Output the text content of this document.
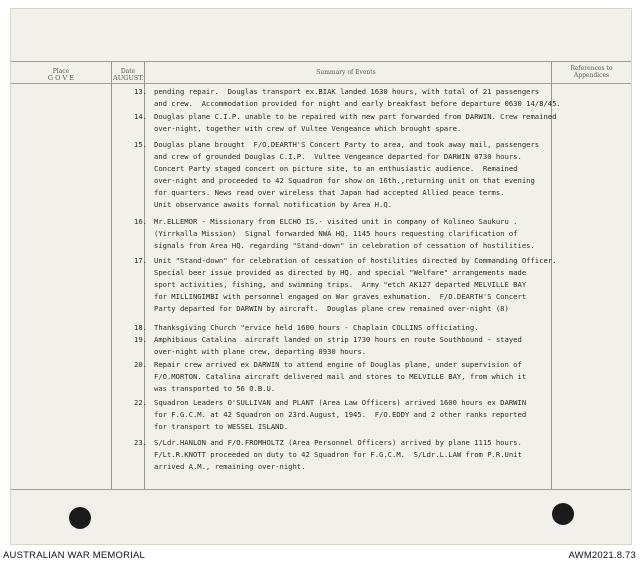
Place
G O V E
Date
AUGUST.
Summary of Events
References to
Appendices
13. pending repair.  Douglas transport ex.BIAK landed 1630 hours, with total of 21 passengers
and crew.  Accommodation provided for night and early breakfast before departure 0630 14/8/45.
14. Douglas plane C.I.P. unable to be repaired with new part forwarded from DARWIN. Crew remained
over-night, together with crew of Vultee Vengeance which brought spare.
15. Douglas plane brought  F/O.DEARTH'S Concert Party to area, and took away mail, passengers
and crew of grounded Douglas C.I.P.  Vultee Vengeance departed for DARWIN 0730 hours.
Concert Party staged concert on picture site, to an enthusiastic audience.  Remained
over-night and proceeded to 42 Squadron for show on 16th.,returning unit on that evening
for quarters. News read over wireless that Japan had accepted Allied peace terms.
Unit observance awaits formal notification by Area H.Q.
16. Mr.ELLEMOR - Missionary from ELCHO IS.- visited unit in company of Kolineo Saukuru .
(Yirrkalla Mission)  Signal forwarded NWA HQ. 1145 hours requesting clarification of
signals from Area HQ. regarding "Stand-down" in celebration of cessation of hostilities.
17. Unit "Stand-down" for celebration of cessation of hostilities directed by Commanding Officer.
Special beer issue provided as directed by HQ. and special "Welfare" arrangements made
sport activities, fishing, and swimming trips.  Army "etch AK127 departed MELVILLE BAY
for MILLINGIMBI with personnel engaged on War graves exhumation.  F/O.DEARTH'S Concert
Party departed for DARWIN by aircraft.  Douglas plane crew remained over-night (8)
18. Thanksgiving Church "ervice held 1600 hours - Chaplain COLLINS officiating.
19. Amphibious Catalina  aircraft landed on strip 1730 hours en route Southbound - stayed
over-night with plane crew, departing 0930 hours.
20. Repair crew arrived ex DARWIN to attend engine of Douglas plane, under supervision of
F/O.MORTON. Catalina aircraft delivered mail and stores to MELVILLE BAY, from which it
was transported to 56 O.B.U.
22. Squadron Leaders O'SULLIVAN and PLANT (Area Law Officers) arrived 1600 hours ex DARWIN
for F.G.C.M. at 42 Squadron on 23rd.August, 1945.  F/O.EDDY and 2 other ranks reported
for transport to WESSEL ISLAND.
23. S/Ldr.HANLON and F/O.FROMHOLTZ (Area Personnel Officers) arrived by plane 1115 hours.
F/Lt.R.KNOTT proceeded on duty to 42 Squadron for F.G.C.M.  S/Ldr.L.LAW from P.R.Unit
arrived A.M., remaining over-night.
AUSTRALIAN WAR MEMORIAL	AWM2021.8.73
